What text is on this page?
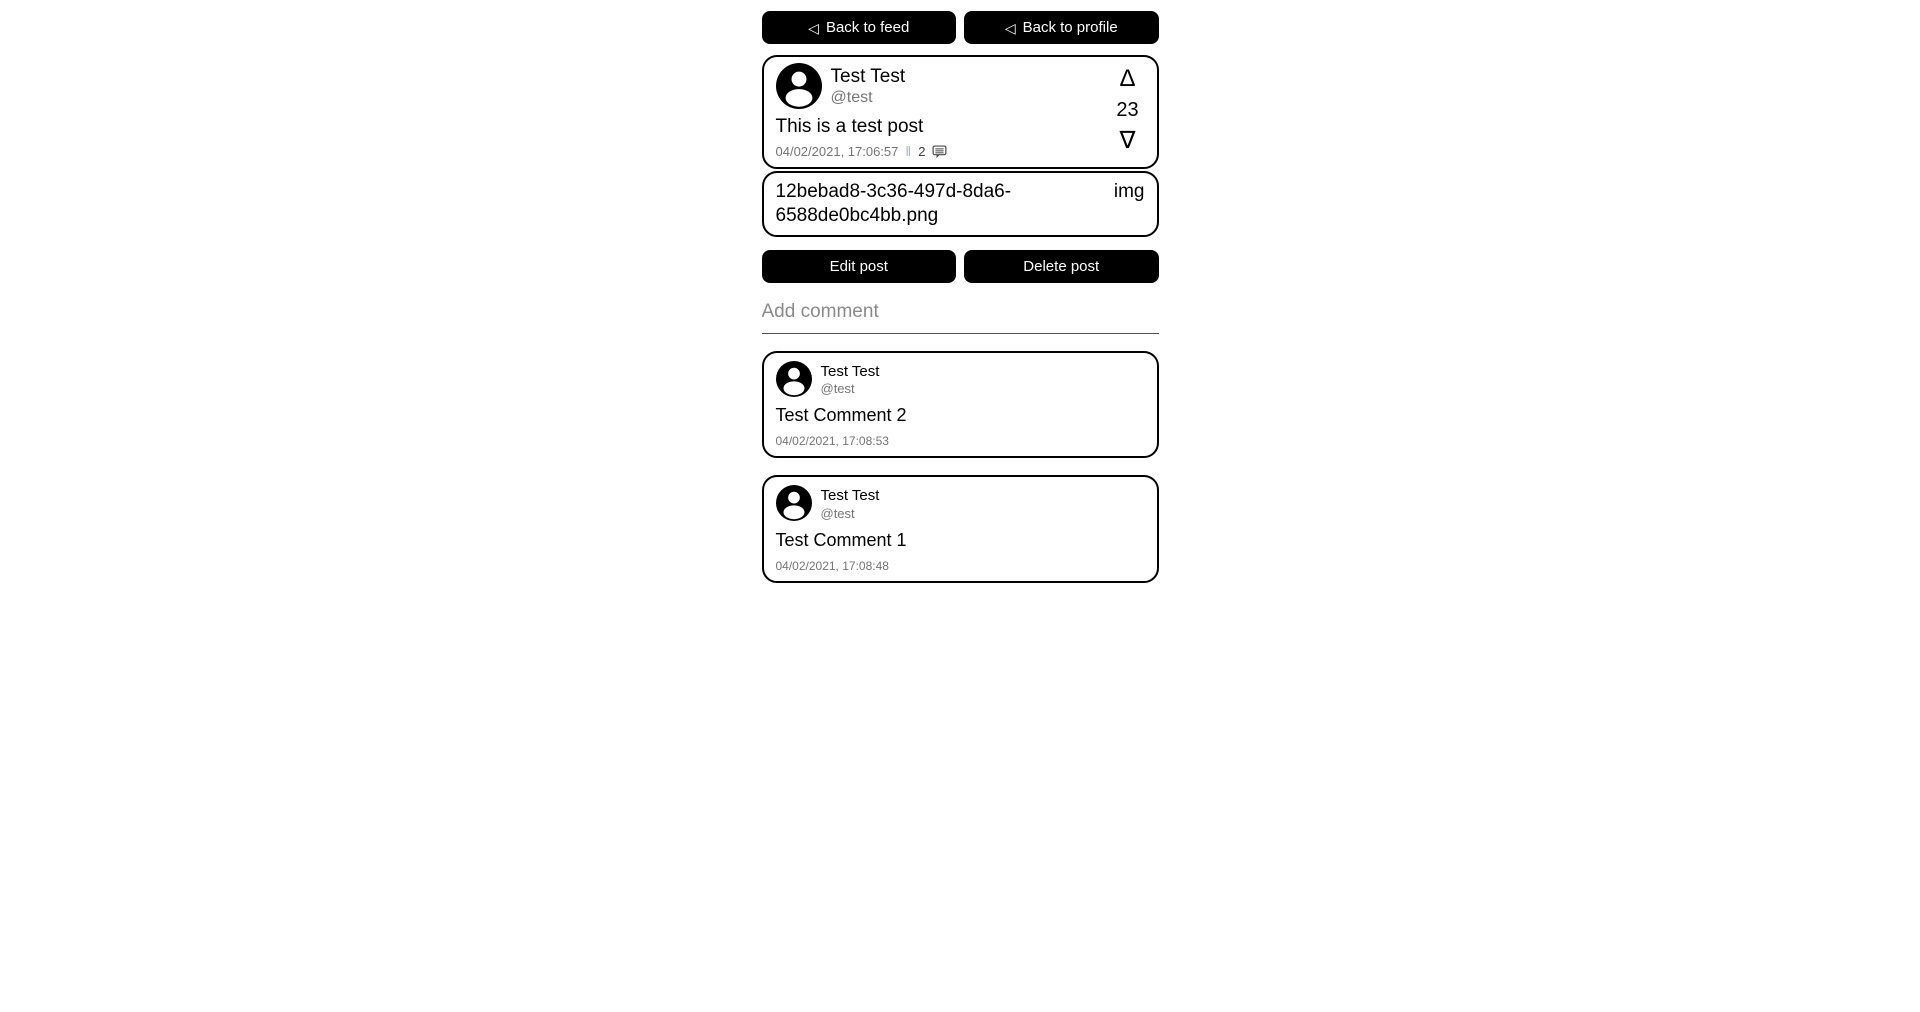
◁ Back to feed	◁ Back to profile
Test Test
@test
This is a test post
04/02/2021, 17:06:57 ‖ 2
Δ
23
∇
12bebad8-3c36-497d-8da6-6588de0bc4bb.png
img
Edit post	Delete post
Add comment
Test Test
@test
Test Comment 2
04/02/2021, 17:08:53
Test Test
@test
Test Comment 1
04/02/2021, 17:08:48
